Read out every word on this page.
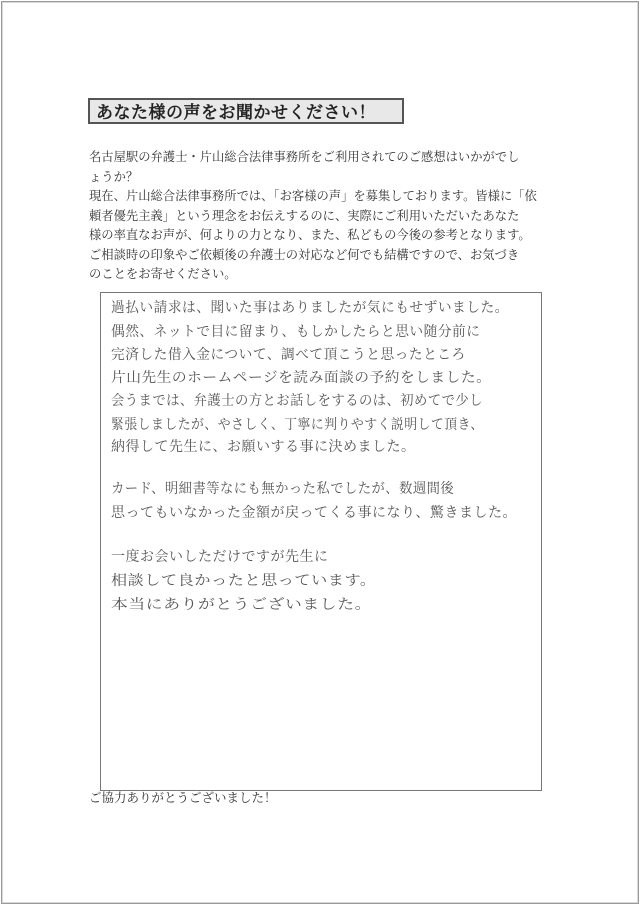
あなた様の声をお聞かせください！

名古屋駅の弁護士・片山総合法律事務所をご利用されてのご感想はいかがでし

ょうか？

現在、片山総合法律事務所では、「お客様の声」を募集しております。皆様に「依

頼者優先主義」という理念をお伝えするのに、実際にご利用いただいたあなた

様の率直なお声が、何よりの力となり、また、私どもの今後の参考となります。

ご相談時の印象やご依頼後の弁護士の対応など何でも結構ですので、お気づき

のことをお寄せください。

過払い請求は、聞いた事はありましたが気にもせずいました。
偶然、ネットで目に留まり、もしかしたらと思い随分前に
完済した借入金について、調べて頂こうと思ったところ
片山先生のホームページを読み面談の予約をしました。
会うまでは、弁護士の方とお話しをするのは、初めてで少し
緊張しましたが、やさしく、丁寧に判りやすく説明して頂き、
納得して先生に、お願いする事に決めました。
カード、明細書等なにも無かった私でしたが、数週間後
思ってもいなかった金額が戻ってくる事になり、驚きました。
一度お会いしただけですが先生に
相談して良かったと思っています。
本当にありがとうございました。
ご協力ありがとうございました！
